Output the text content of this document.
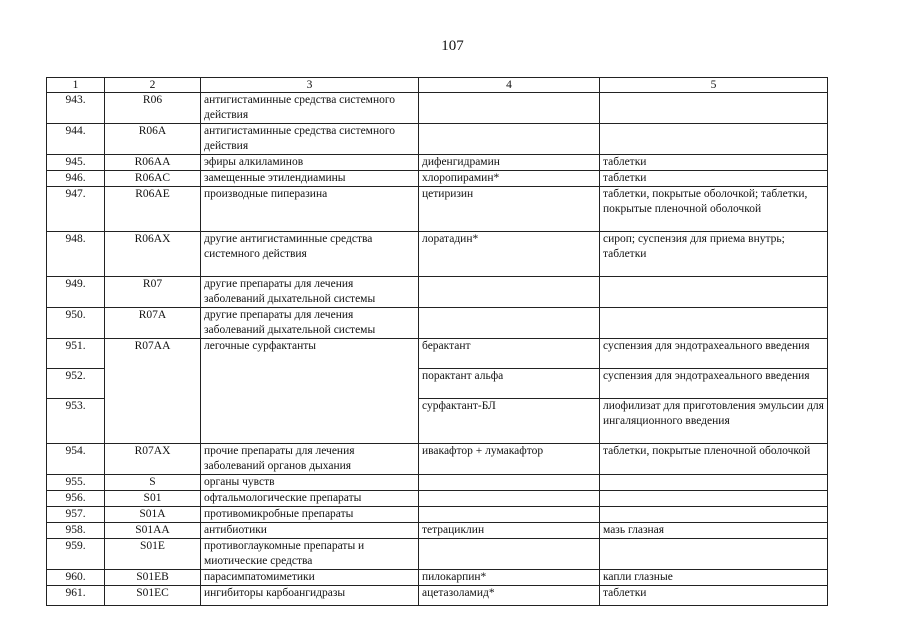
107
1	2	3	4	5
943.	R06	антигистаминные средства системного действия		
944.	R06A	антигистаминные средства системного действия		
945.	R06AA	эфиры алкиламинов	дифенгидрамин	таблетки
946.	R06AC	замещенные этилендиамины	хлоропирамин*	таблетки
947.	R06AE	производные пиперазина	цетиризин	таблетки, покрытые оболочкой; таблетки, покрытые пленочной оболочкой
948.	R06AX	другие антигистаминные средства системного действия	лоратадин*	сироп; суспензия для приема внутрь; таблетки
949.	R07	другие препараты для лечения заболеваний дыхательной системы		
950.	R07A	другие препараты для лечения заболеваний дыхательной системы		
951.	R07AA	легочные сурфактанты	берактант	суспензия для эндотрахеального введения
952.			порактант альфа	суспензия для эндотрахеального введения
953.			сурфактант-БЛ	лиофилизат для приготовления эмульсии для ингаляционного введения
954.	R07AX	прочие препараты для лечения заболеваний органов дыхания	ивакафтор + лумакафтор	таблетки, покрытые пленочной оболочкой
955.	S	органы чувств		
956.	S01	офтальмологические препараты		
957.	S01A	противомикробные препараты		
958.	S01AA	антибиотики	тетрациклин	мазь глазная
959.	S01E	противоглаукомные препараты и миотические средства		
960.	S01EB	парасимпатомиметики	пилокарпин*	капли глазные
961.	S01EC	ингибиторы карбоангидразы	ацетазоламид*	таблетки
